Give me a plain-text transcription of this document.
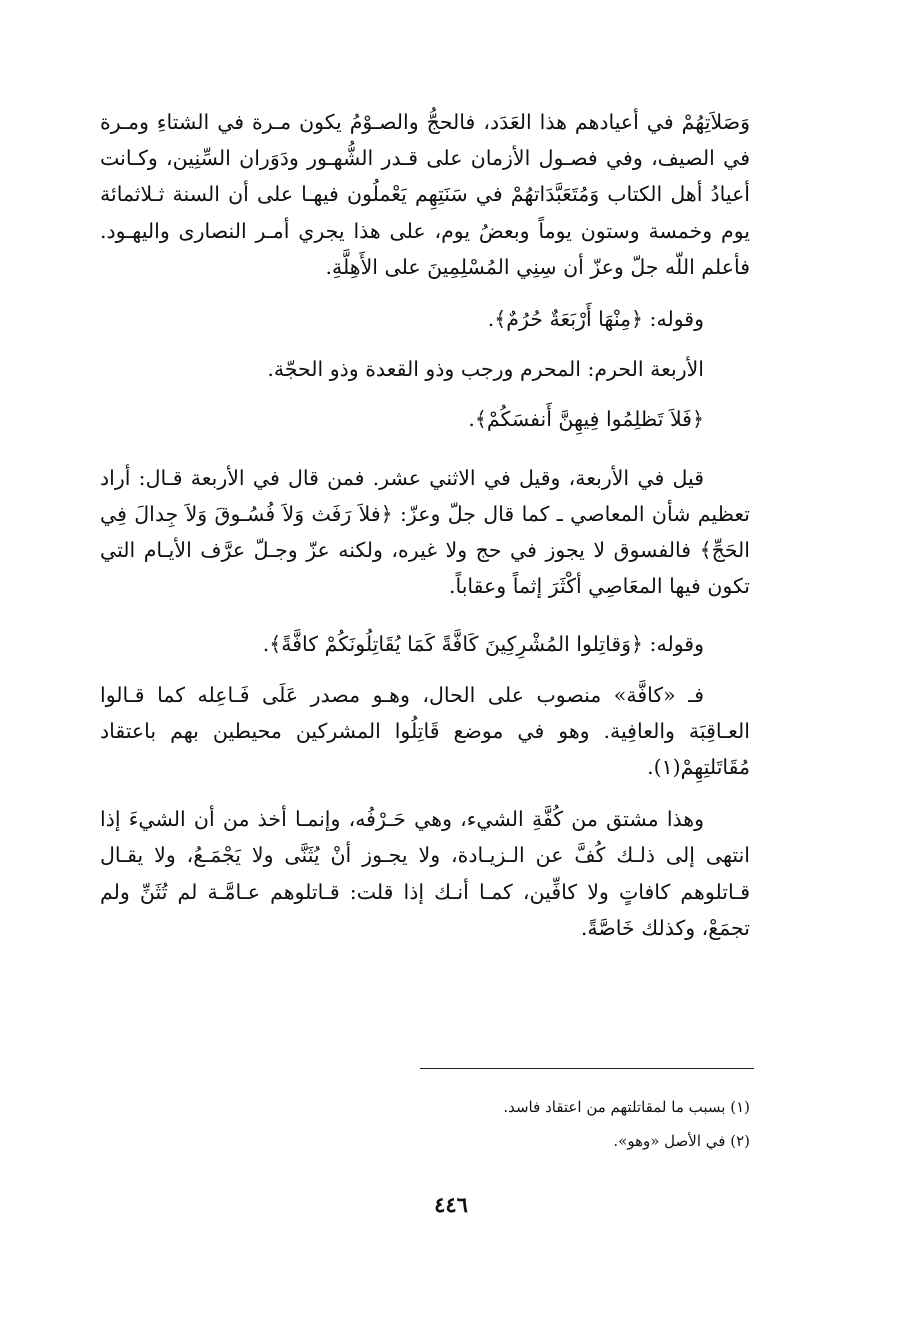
وَصَلاَتِهُمْ في أعيادهم هذا العَدَد، فالحجُّ والصـوْمُ يكون مـرة في الشتاءِ ومـرة في الصيف، وفي فصـول الأزمان على قـدر الشُّهـور ودَوَران السِّنِين، وكـانت أعيادُ أهل الكتاب وَمُتَعَبَّدَاتهُمْ في سَنَتِهِم يَعْملُون فيهـا على أن السنة ثـلاثمائة يوم وخمسة وستون يوماً وبعضُ يوم، على هذا يجري أمـر النصارى واليهـود. فأعلم اللّه جلّ وعزّ أن سِنِي المُسْلِمِينَ على الأَهِلَّةِ.

وقوله: ﴿مِنْهَا أَرْبَعَةٌ حُرُمٌ﴾.

الأربعة الحرم: المحرم ورجب وذو القعدة وذو الحجّة.

﴿فَلاَ تَظلِمُوا فِيهِنَّ أَنفسَكُمْ﴾.

قيل في الأربعة، وقيل في الاثني عشر. فمن قال في الأربعة قـال: أراد تعظيم شأن المعاصي ـ كما قال جلّ وعزّ: ﴿فلاَ رَفَث وَلاَ فُسُـوقَ وَلاَ جِدالَ فِي الحَجِّ﴾ فالفسوق لا يجوز في حج ولا غيره، ولكنه عزّ وجـلّ عرَّف الأيـام التي تكون فيها المعَاصِي أكْثَرَ إثماً وعقاباً.

وقوله: ﴿وَقاتِلوا المُشْرِكِينَ كَافَّةً كَمَا يُقَاتِلُونَكُمْ كافَّةً﴾.

فـ «كافَّة» منصوب على الحال، وهـو مصدر عَلَى فَـاعِله كما قـالوا العـاقِبَة والعافِية. وهو في موضع قَاتِلُوا المشركين محيطين بهم باعتقاد مُقَاتَلتِهِمْ(١).

وهذا مشتق من كُفَّةِ الشيء، وهي حَـرْفُه، وإنمـا أخذ من أن الشيءَ إذا انتهى إلى ذلـك كُفَّ عن الـزيـادة، ولا يجـوز أنْ يُثَنَّى ولا يَجْمَـعُ، ولا يقـال قـاتلوهم كافاتٍ ولا كافِّين، كمـا أنـك إذا قلت: قـاتلوهم عـامَّـة لم تُثَنِّ ولم تجمَعْ، وكذلك خَاصَّةً.

(١) بسبب ما لمقاتلتهم من اعتقاد فاسد.

(٢) في الأصل «وهو».

٤٤٦
